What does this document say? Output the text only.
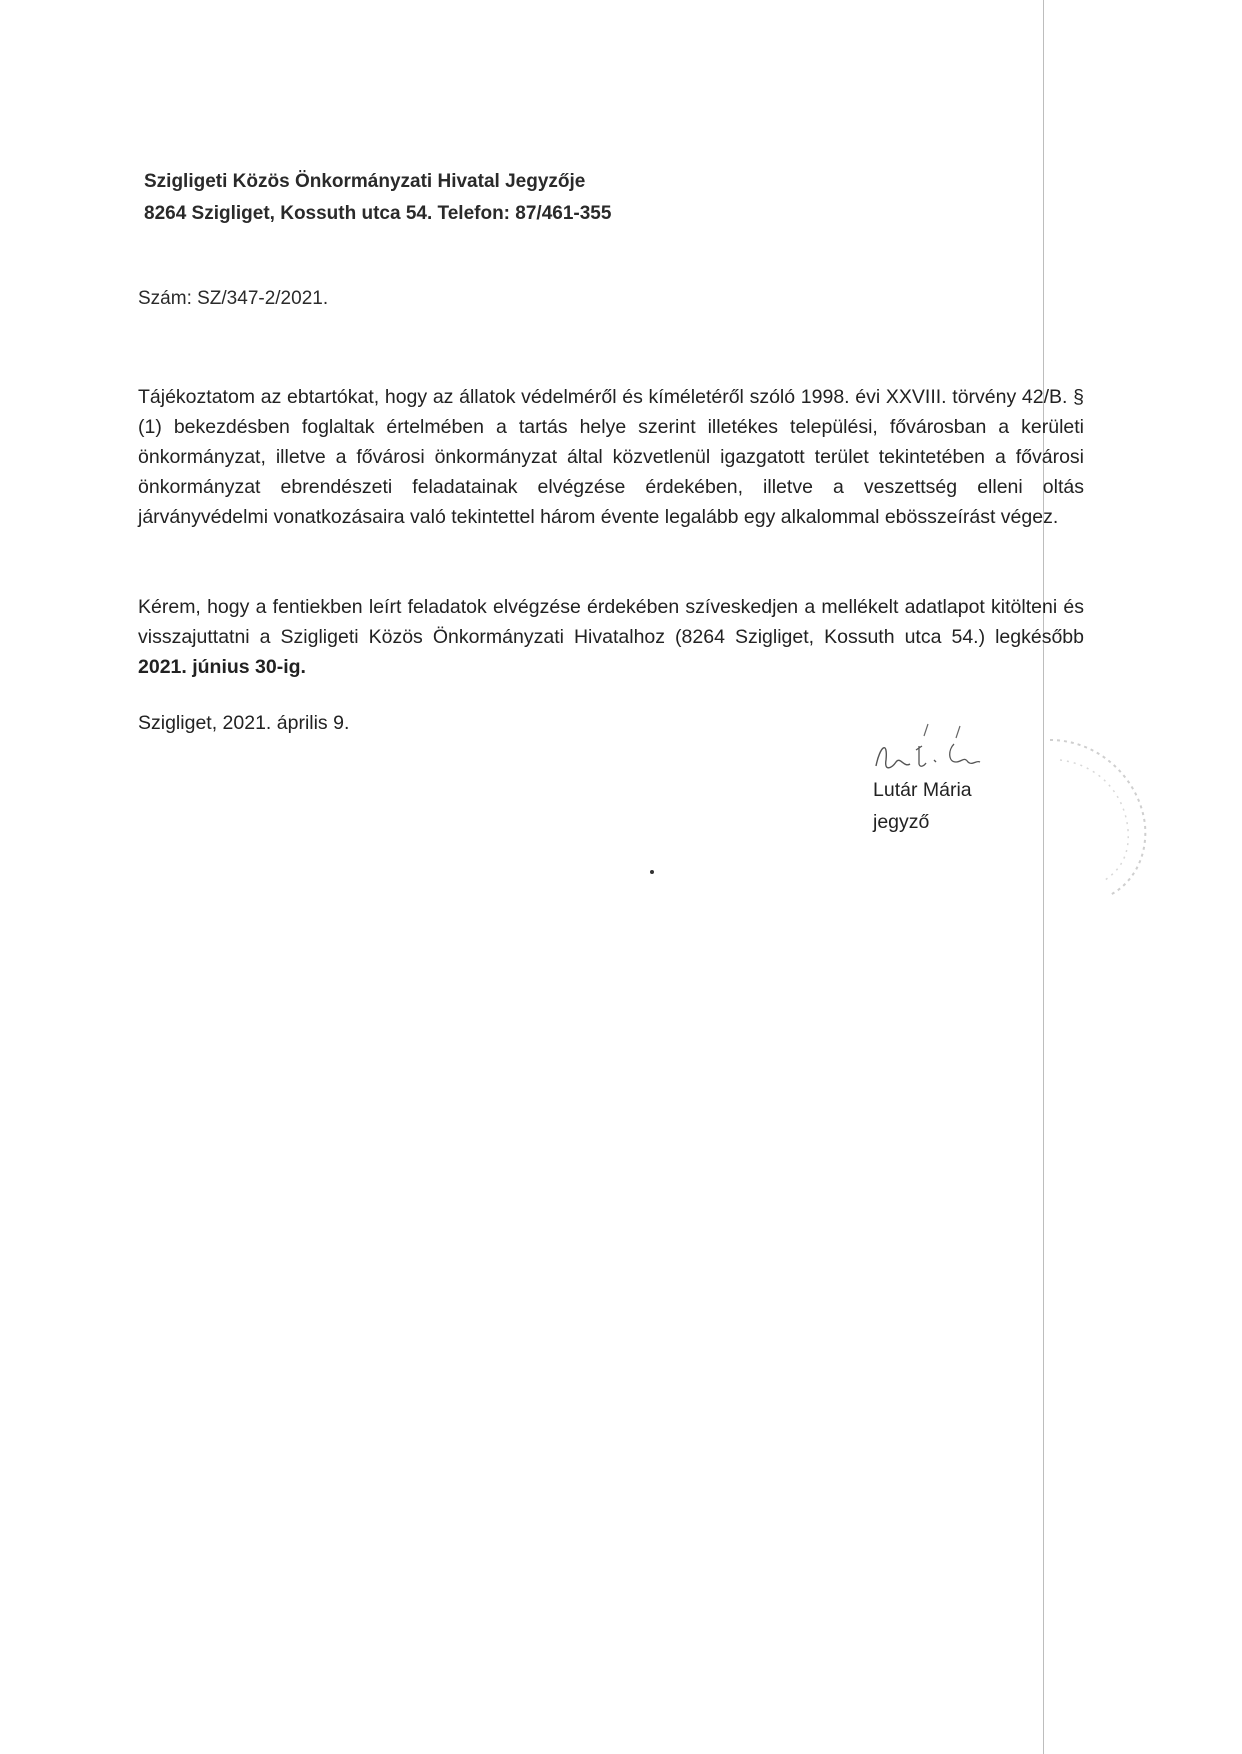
Szigligeti Közös Önkormányzati Hivatal Jegyzője
8264 Szigliget, Kossuth utca 54. Telefon: 87/461-355
Szám: SZ/347-2/2021.
Tájékoztatom az ebtartókat, hogy az állatok védelméről és kíméletéről szóló 1998. évi XXVIII. törvény 42/B. § (1) bekezdésben foglaltak értelmében a tartás helye szerint illetékes települési, fővárosban a kerületi önkormányzat, illetve a fővárosi önkormányzat által közvetlenül igazgatott terület tekintetében a fővárosi önkormányzat ebrendészeti feladatainak elvégzése érdekében, illetve a veszettség elleni oltás járványvédelmi vonatkozásaira való tekintettel három évente legalább egy alkalommal ebösszeírást végez.
Kérem, hogy a fentiekben leírt feladatok elvégzése érdekében szíveskedjen a mellékelt adatlapot kitölteni és visszajuttatni a Szigligeti Közös Önkormányzati Hivatalhoz (8264 Szigliget, Kossuth utca 54.) legkésőbb 2021. június 30-ig.
Szigliget, 2021. április 9.
Lutár Mária
jegyző
